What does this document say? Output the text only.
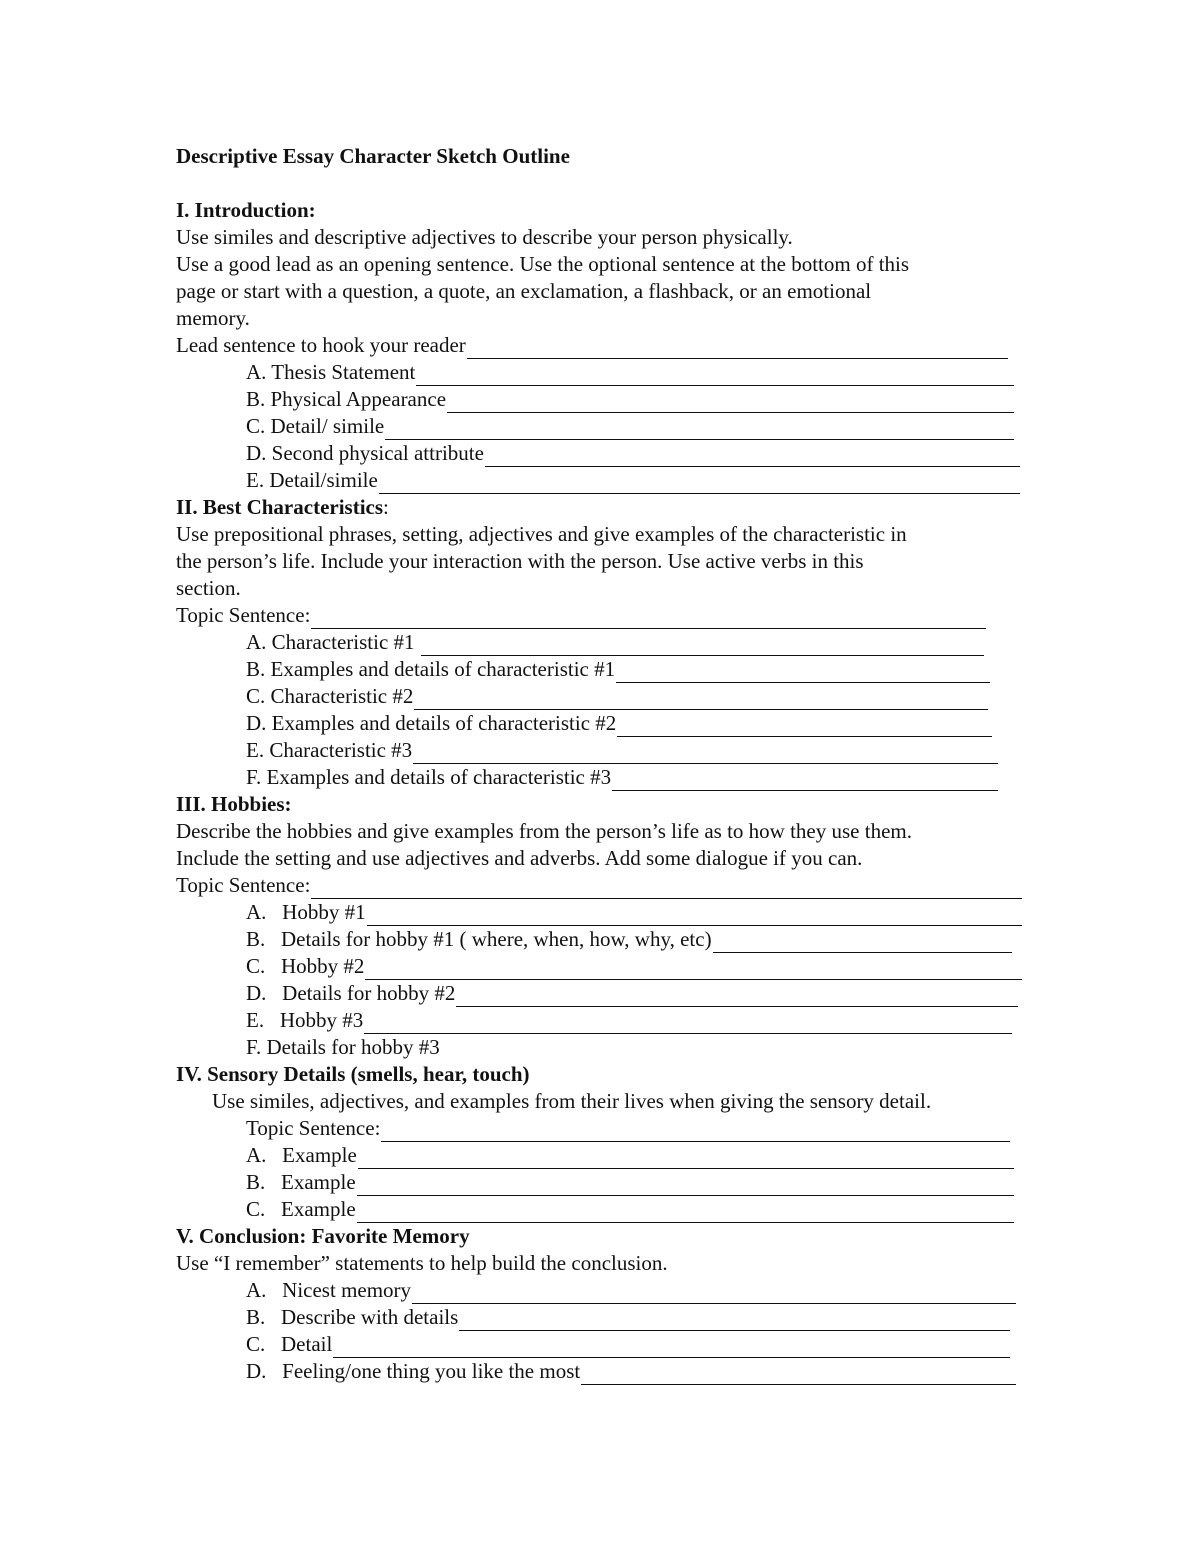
Descriptive Essay Character Sketch Outline
I. Introduction:
Use similes and descriptive adjectives to describe your person physically.
Use a good lead as an opening sentence. Use the optional sentence at the bottom of this
page or start with a question, a quote, an exclamation, a flashback, or an emotional
memory.
Lead sentence to hook your reader
A. Thesis Statement
B. Physical Appearance
C. Detail/ simile
D. Second physical attribute
E. Detail/simile
II. Best Characteristics:
Use prepositional phrases, setting, adjectives and give examples of the characteristic in
the person’s life. Include your interaction with the person. Use active verbs in this
section.
Topic Sentence:
A. Characteristic #1
B. Examples and details of characteristic #1
C. Characteristic #2
D. Examples and details of characteristic #2
E. Characteristic #3
F. Examples and details of characteristic #3
III. Hobbies:
Describe the hobbies and give examples from the person’s life as to how they use them.
Include the setting and use adjectives and adverbs. Add some dialogue if you can.
Topic Sentence:
A.   Hobby #1
B.   Details for hobby #1 ( where, when, how, why, etc)
C.   Hobby #2
D.   Details for hobby #2
E.   Hobby #3
F. Details for hobby #3
IV. Sensory Details (smells, hear, touch)
Use similes, adjectives, and examples from their lives when giving the sensory detail.
Topic Sentence:
A.   Example
B.   Example
C.   Example
V. Conclusion: Favorite Memory
Use “I remember” statements to help build the conclusion.
A.   Nicest memory
B.   Describe with details
C.   Detail
D.   Feeling/one thing you like the most
